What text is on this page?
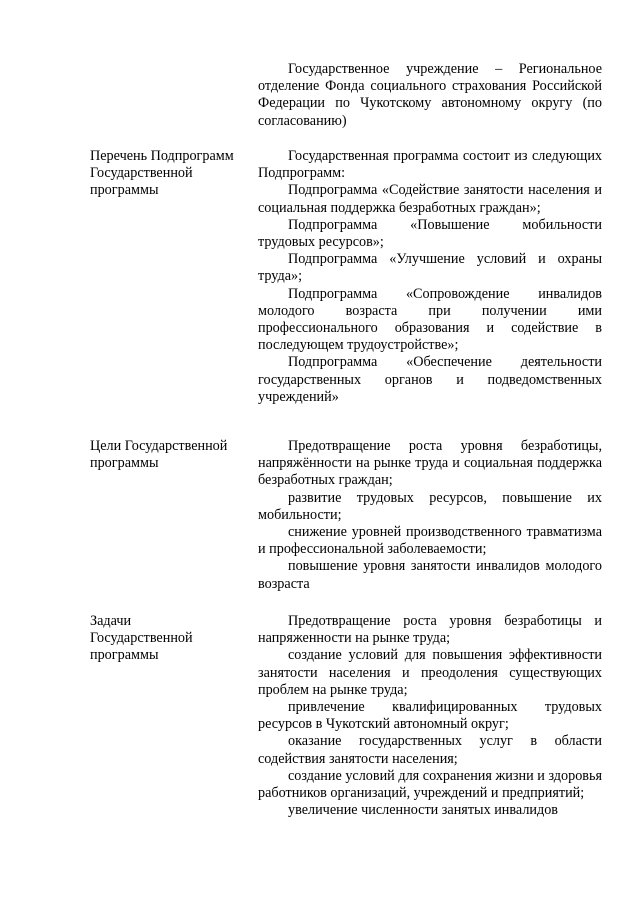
Государственное учреждение – Региональное отделение Фонда социального страхования Российской Федерации по Чукотскому автономному округу (по согласованию)

Перечень Подпрограмм Государственной программы

Государственная программа состоит из следующих Подпрограмм:

Подпрограмма «Содействие занятости населения и социальная поддержка безработных граждан»;

Подпрограмма «Повышение мобильности трудовых ресурсов»;

Подпрограмма «Улучшение условий и охраны труда»;

Подпрограмма «Сопровождение инвалидов молодого возраста при получении ими профессионального образования и содействие в последующем трудоустройстве»;

Подпрограмма «Обеспечение деятельности государственных органов и подведомственных учреждений»

Цели Государственной программы

Предотвращение роста уровня безработицы, напряжённости на рынке труда и социальная поддержка безработных граждан;

развитие трудовых ресурсов, повышение их мобильности;

снижение уровней производственного травматизма и профессиональной заболеваемости;

повышение уровня занятости инвалидов молодого возраста

Задачи Государственной программы

Предотвращение роста уровня безработицы и напряженности на рынке труда;

создание условий для повышения эффективности занятости населения и преодоления существующих проблем на рынке труда;

привлечение квалифицированных трудовых ресурсов в Чукотский автономный округ;

оказание государственных услуг в области содействия занятости населения;

создание условий для сохранения жизни и здоровья работников организаций, учреждений и предприятий;

увеличение численности занятых инвалидов
